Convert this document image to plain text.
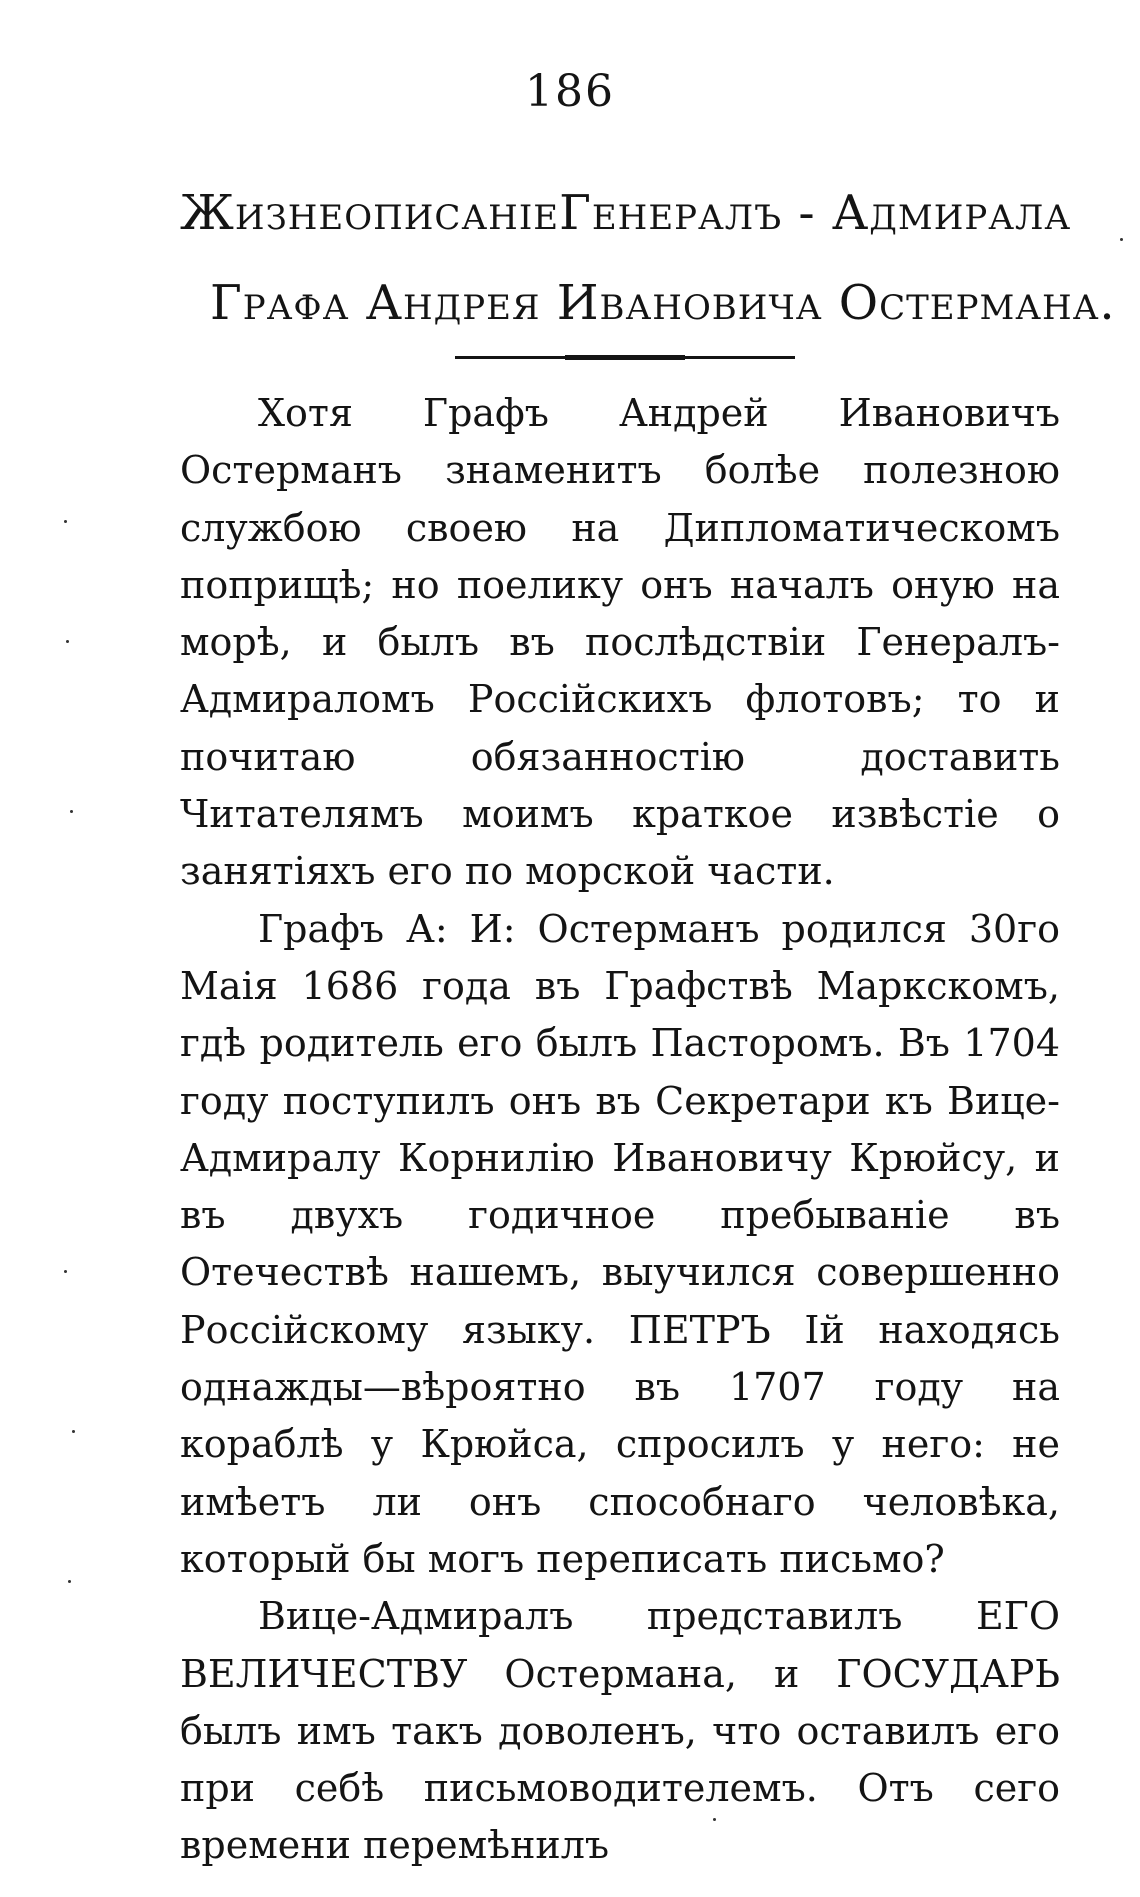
186
Жизнеописанiе Генералъ - Адмирала
Графа Андрея Ивановича Остермана.

Хотя Графъ Андрей Ивановичъ Остерманъ знаменитъ болѣе полезною службою своею на Дипломатическомъ поприщѣ; но поелику онъ началъ оную на морѣ, и былъ въ послѣдствiи Генералъ-Адмираломъ Россiйскихъ флотовъ; то и почитаю обязанностiю доставить Читателямъ моимъ краткое извѣстiе о занятiяхъ его по морской части.

Графъ А: И: Остерманъ родился 30го Маiя 1686 года въ Графствѣ Маркскомъ, гдѣ родитель его былъ Пасторомъ. Въ 1704 году поступилъ онъ въ Секретари къ Вице-Адмиралу Корнилiю Ивановичу Крюйсу, и въ двухъ годичное пребыванiе въ Отечествѣ нашемъ, выучился совершенно Россiйскому языку. ПЕТРЪ Iй находясь однажды—вѣроятно въ 1707 году на кораблѣ у Крюйса, спросилъ у него: не имѣетъ ли онъ способнаго человѣка, который бы могъ переписать письмо?

Вице-Адмиралъ представилъ ЕГО ВЕЛИЧЕСТВУ Остермана, и ГОСУДАРЬ былъ имъ такъ доволенъ, что оставилъ его при себѣ письмоводителемъ. Отъ сего времени перемѣнилъ
